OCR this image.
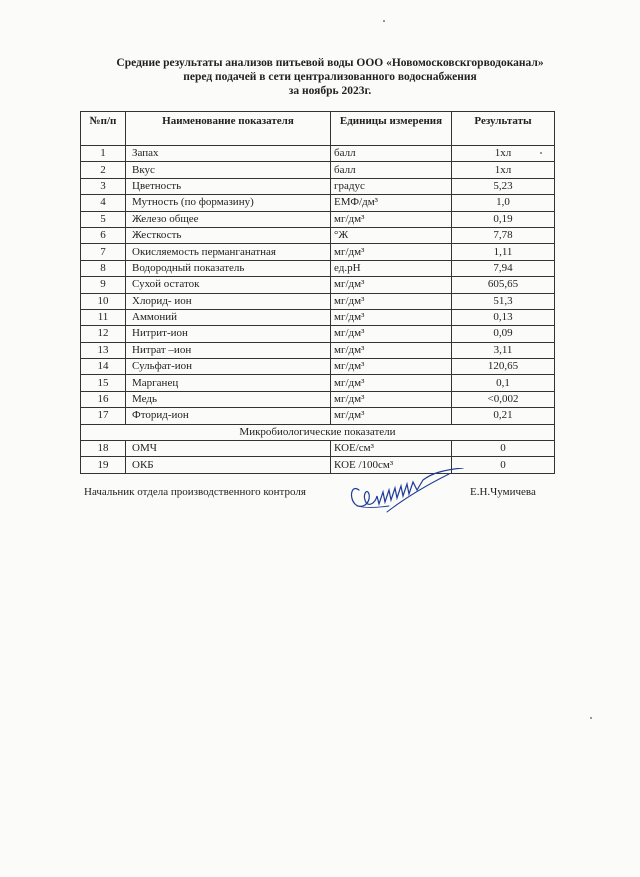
Средние результаты анализов питьевой воды ООО «Новомосковскгорводоканал»
перед подачей в сети централизованного водоснабжения
за ноябрь 2023г.
№п/п	Наименование показателя	Единицы измерения	Результаты
1	Запах	балл	1хл
2	Вкус	балл	1хл
3	Цветность	градус	5,23
4	Мутность (по формазину)	ЕМФ/дм³	1,0
5	Железо общее	мг/дм³	0,19
6	Жесткость	°Ж	7,78
7	Окисляемость перманганатная	мг/дм³	1,11
8	Водородный показатель	ед.рН	7,94
9	Сухой остаток	мг/дм³	605,65
10	Хлорид- ион	мг/дм³	51,3
11	Аммоний	мг/дм³	0,13
12	Нитрит-ион	мг/дм³	0,09
13	Нитрат –ион	мг/дм³	3,11
14	Сульфат-ион	мг/дм³	120,65
15	Марганец	мг/дм³	0,1
16	Медь	мг/дм³	<0,002
17	Фторид-ион	мг/дм³	0,21
Микробиологические показатели			
18	ОМЧ	КОЕ/см³	0
19	ОКБ	КОЕ /100см³	0
Начальник отдела производственного контроля	Е.Н.Чумичева
